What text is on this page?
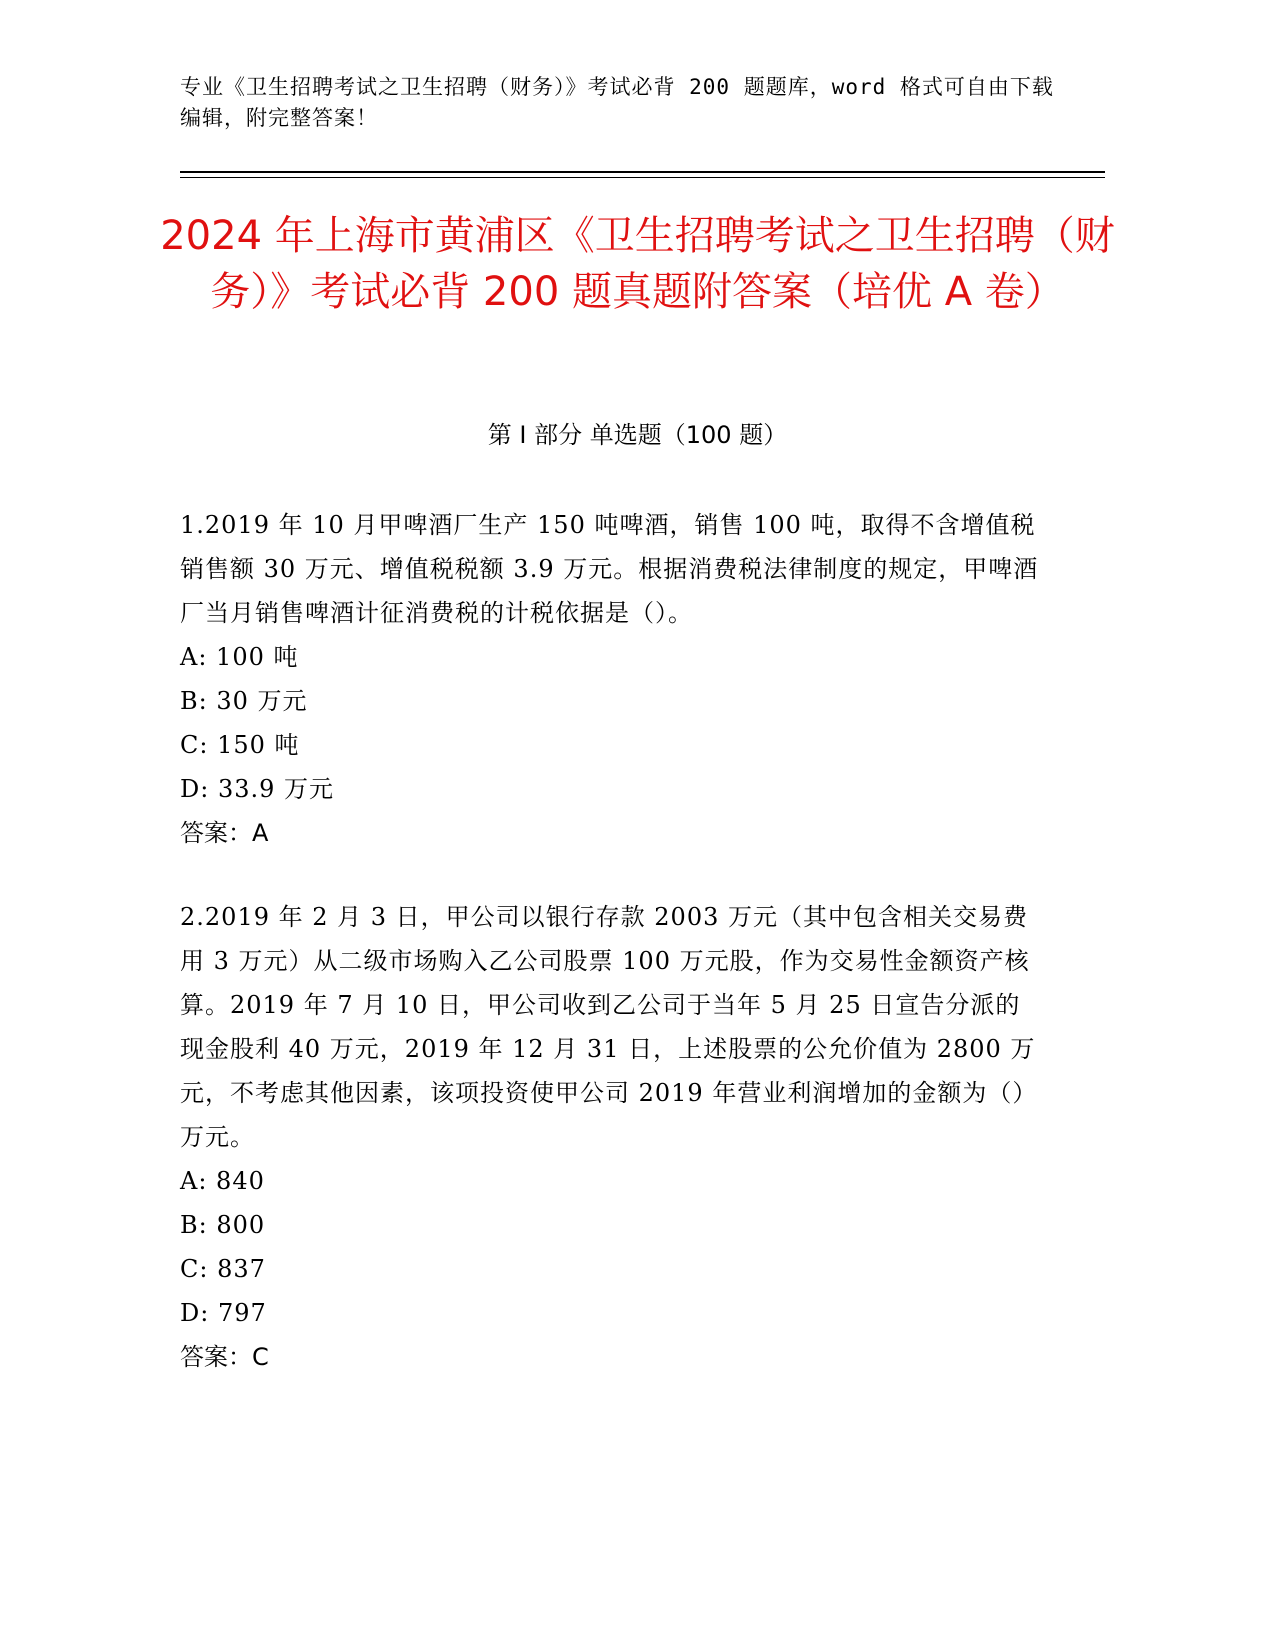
专业《卫生招聘考试之卫生招聘（财务）》考试必背 200 题题库，word 格式可自由下载编辑，附完整答案！
2024 年上海市黄浦区《卫生招聘考试之卫生招聘（财务）》考试必背 200 题真题附答案（培优 A 卷）
第 I 部分 单选题（100 题）
1.2019 年 10 月甲啤酒厂生产 150 吨啤酒，销售 100 吨，取得不含增值税销售额 30 万元、增值税税额 3.9 万元。根据消费税法律制度的规定，甲啤酒厂当月销售啤酒计征消费税的计税依据是（）。
A: 100 吨
B: 30 万元
C: 150 吨
D: 33.9 万元
答案：A
2.2019 年 2 月 3 日，甲公司以银行存款 2003 万元（其中包含相关交易费用 3 万元）从二级市场购入乙公司股票 100 万元股，作为交易性金额资产核算。2019 年 7 月 10 日，甲公司收到乙公司于当年 5 月 25 日宣告分派的现金股利 40 万元，2019 年 12 月 31 日，上述股票的公允价值为 2800 万元，不考虑其他因素，该项投资使甲公司 2019 年营业利润增加的金额为（）万元。
A: 840
B: 800
C: 837
D: 797
答案：C
